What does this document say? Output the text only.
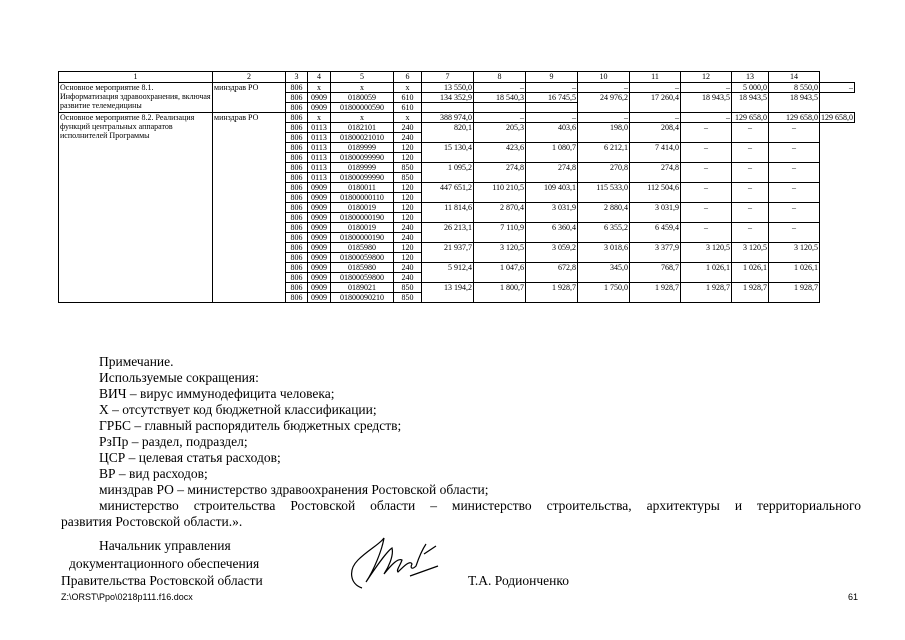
1	2	3	4	5	6	7	8	9	10	11	12	13	14	
Основное мероприятие 8.1. Информатизация здравоохранения, включая развитие телемедицины	минздрав РО	806	x	x	x	13 550,0	–	–	–	–	–	5 000,0	8 550,0	–
		806	0909	0180059	610	134 352,9	18 540,3	16 745,5	24 976,2	17 260,4	18 943,5	18 943,5	18 943,5	
		806	0909	01800000590	610									
Основное мероприятие 8.2. Реализация функций центральных аппаратов исполнителей Программы	минздрав РО	806	x	x	x	388 974,0	–	–	–	–	–	129 658,0	129 658,0	129 658,0
		806	0113	0182101	240	820,1	205,3	403,6	198,0	208,4	–	–	–	
		806	0113	01800021010	240									
		806	0113	0189999	120	15 130,4	423,6	1 080,7	6 212,1	7 414,0	–	–	–	
		806	0113	01800099990	120									
		806	0113	0189999	850	1 095,2	274,8	274,8	270,8	274,8	–	–	–	
		806	0113	01800099990	850									
		806	0909	0180011	120	447 651,2	110 210,5	109 403,1	115 533,0	112 504,6	–	–	–	
		806	0909	01800000110	120									
		806	0909	0180019	120	11 814,6	2 870,4	3 031,9	2 880,4	3 031,9	–	–	–	
		806	0909	01800000190	120									
		806	0909	0180019	240	26 213,1	7 110,9	6 360,4	6 355,2	6 459,4	–	–	–	
		806	0909	01800000190	240									
		806	0909	0185980	120	21 937,7	3 120,5	3 059,2	3 018,6	3 377,9	3 120,5	3 120,5	3 120,5	
		806	0909	01800059800	120									
		806	0909	0185980	240	5 912,4	1 047,6	672,8	345,0	768,7	1 026,1	1 026,1	1 026,1	
		806	0909	01800059800	240									
		806	0909	0189021	850	13 194,2	1 800,7	1 928,7	1 750,0	1 928,7	1 928,7	1 928,7	1 928,7	
		806	0909	01800090210	850									

Примечание.

Используемые сокращения:

ВИЧ – вирус иммунодефицита человека;

Х – отсутствует код бюджетной классификации;

ГРБС – главный распорядитель бюджетных средств;

РзПр – раздел, подраздел;

ЦСР – целевая статья расходов;

ВР – вид расходов;

минздрав РО – министерство здравоохранения Ростовской области;

министерство строительства Ростовской области – министерство строительства, архитектуры и территориального

развития Ростовской области.».

Начальник управления
документационного обеспечения
Правительства Ростовской области	Т.А. Родионченко
Z:\ORST\Ppo\0218p111.f16.docx	61
